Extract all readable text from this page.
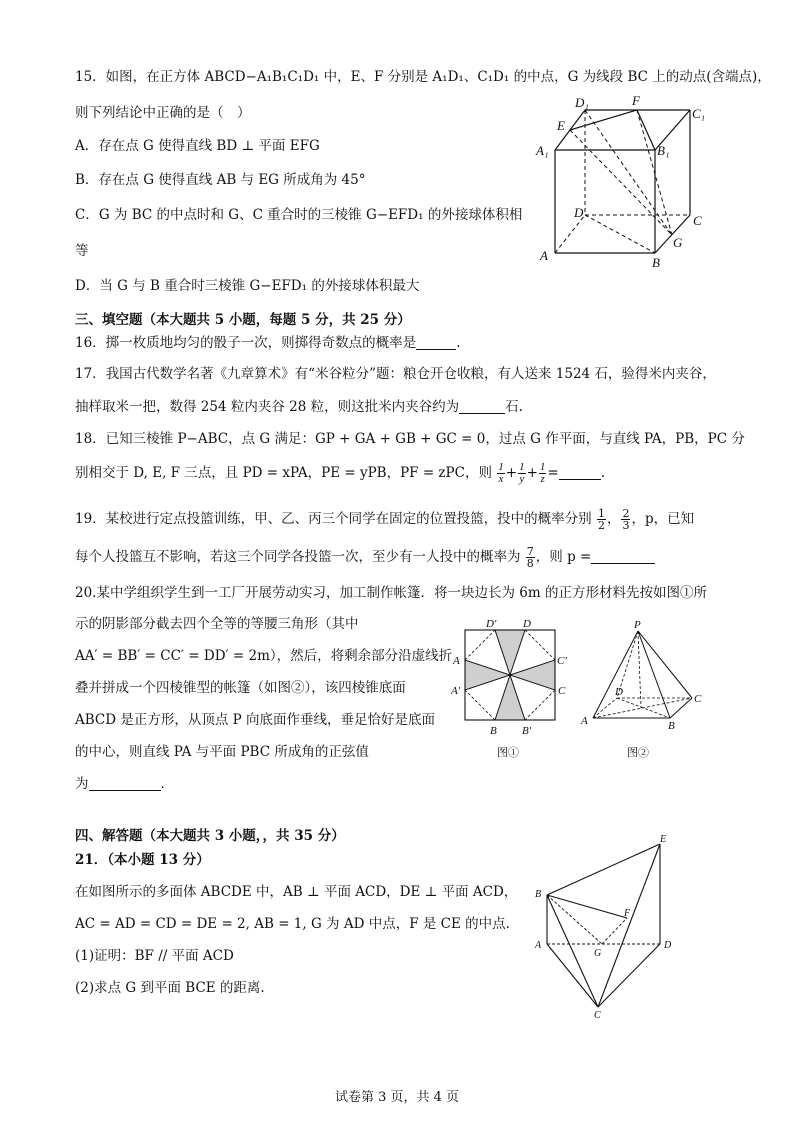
15．如图，在正方体 ABCD−A₁B₁C₁D₁ 中，E、F 分别是 A₁D₁、C₁D₁ 的中点，G 为线段 BC 上的动点(含端点)，
则下列结论中正确的是（　）
A．存在点 G 使得直线 BD ⊥ 平面 EFG
B．存在点 G 使得直线 AB 与 EG 所成角为 45°
C．G 为 BC 的中点时和 G、C 重合时的三棱锥 G−EFD₁ 的外接球体积相
等
D．当 G 与 B 重合时三棱锥 G−EFD₁ 的外接球体积最大
D₁	F
C₁
E
A₁	B₁
D
C
G
A	B
三、填空题（本大题共 5 小题，每题 5 分，共 25 分）
16．掷一枚质地均匀的骰子一次，则掷得奇数点的概率是	.
17．我国古代数学名著《九章算术》有“米谷粒分”题：粮仓开仓收粮，有人送来 1524 石，验得米内夹谷，
抽样取米一把，数得 254 粒内夹谷 28 粒，则这批米内夹谷约为	石.
18．已知三棱锥 P−ABC，点 G 满足：GP + GA + GB + GC = 0，过点 G 作平面，与直线 PA，PB，PC 分
别相交于 D, E, F 三点，且 PD = xPA，PE = yPB，PF = zPC，则 $\frac{1}{x} + \frac{1}{y} + \frac{1}{z}$ =	.
19．某校进行定点投篮训练，甲、乙、丙三个同学在固定的位置投篮，投中的概率分别 $\frac{1}{2}$ ， $\frac{2}{3}$ ，p，已知
每个人投篮互不影响，若这三个同学各投篮一次，至少有一人投中的概率为 $\frac{7}{8}$ ，则 p =
20.某中学组织学生到一工厂开展劳动实习，加工制作帐篷．将一块边长为 6m 的正方形材料先按如图①所
示的阴影部分截去四个全等的等腰三角形（其中
AA′ = BB′ = CC′ = DD′ = 2m），然后，将剩余部分沿虚线折
叠并拼成一个四棱锥型的帐篷（如图②），该四棱锥底面
ABCD 是正方形，从顶点 P 向底面作垂线，垂足恰好是底面
的中心，则直线 PA 与平面 PBC 所成角的正弦值
为	．
D′ D
A	C′
A′	C
B B′
图①
P
D
C
A	B
图②
四、解答题（本大题共 3 小题，，共 35 分）
21．（本小题 13 分）
在如图所示的多面体 ABCDE 中，AB ⊥ 平面 ACD，DE ⊥ 平面 ACD，
AC = AD = CD = DE = 2, AB = 1, G 为 AD 中点，F 是 CE 的中点.
(1)证明：BF // 平面 ACD
(2)求点 G 到平面 BCE 的距离.
E
B
F
A
G
D
C
试卷第 3 页，共 4 页
